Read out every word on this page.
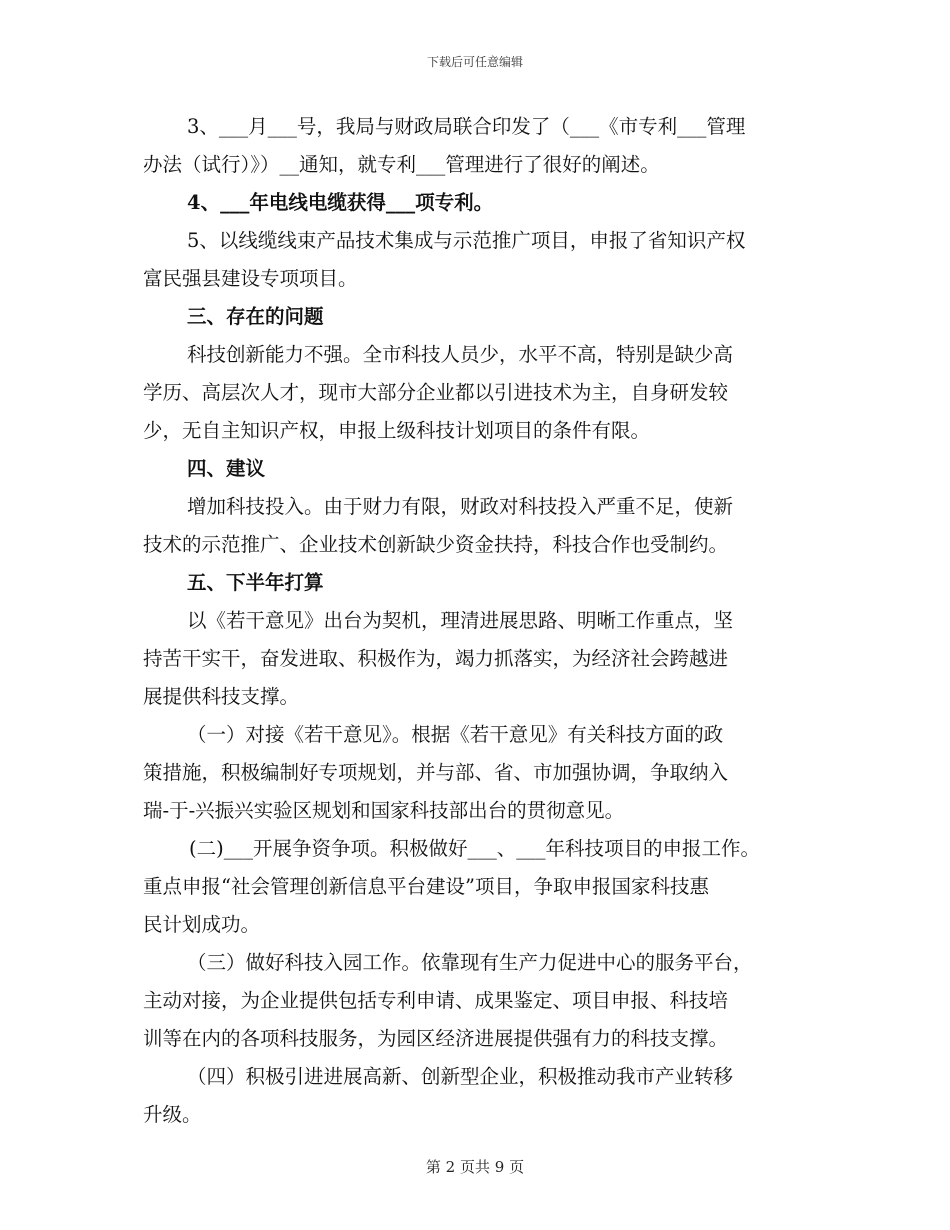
下载后可任意编辑
3、___月___号，我局与财政局联合印发了（___《市专利___管理
办法（试行）》）__通知，就专利___管理进行了很好的阐述。
4、___年电线电缆获得___项专利。
5、以线缆线束产品技术集成与示范推广项目，申报了省知识产权
富民强县建设专项项目。
三、存在的问题
科技创新能力不强。全市科技人员少，水平不高，特别是缺少高
学历、高层次人才，现市大部分企业都以引进技术为主，自身研发较
少，无自主知识产权，申报上级科技计划项目的条件有限。
四、建议
增加科技投入。由于财力有限，财政对科技投入严重不足，使新
技术的示范推广、企业技术创新缺少资金扶持，科技合作也受制约。
五、下半年打算
以《若干意见》出台为契机，理清进展思路、明晰工作重点，坚
持苦干实干，奋发进取、积极作为，竭力抓落实，为经济社会跨越进
展提供科技支撑。
（一）对接《若干意见》。根据《若干意见》有关科技方面的政
策措施，积极编制好专项规划，并与部、省、市加强协调，争取纳入
瑞-于-兴振兴实验区规划和国家科技部出台的贯彻意见。
(二)___开展争资争项。积极做好___、___年科技项目的申报工作。
重点申报“社会管理创新信息平台建设”项目，争取申报国家科技惠
民计划成功。
（三）做好科技入园工作。依靠现有生产力促进中心的服务平台，
主动对接，为企业提供包括专利申请、成果鉴定、项目申报、科技培
训等在内的各项科技服务，为园区经济进展提供强有力的科技支撑。
（四）积极引进进展高新、创新型企业，积极推动我市产业转移
升级。
第 2 页共 9 页
